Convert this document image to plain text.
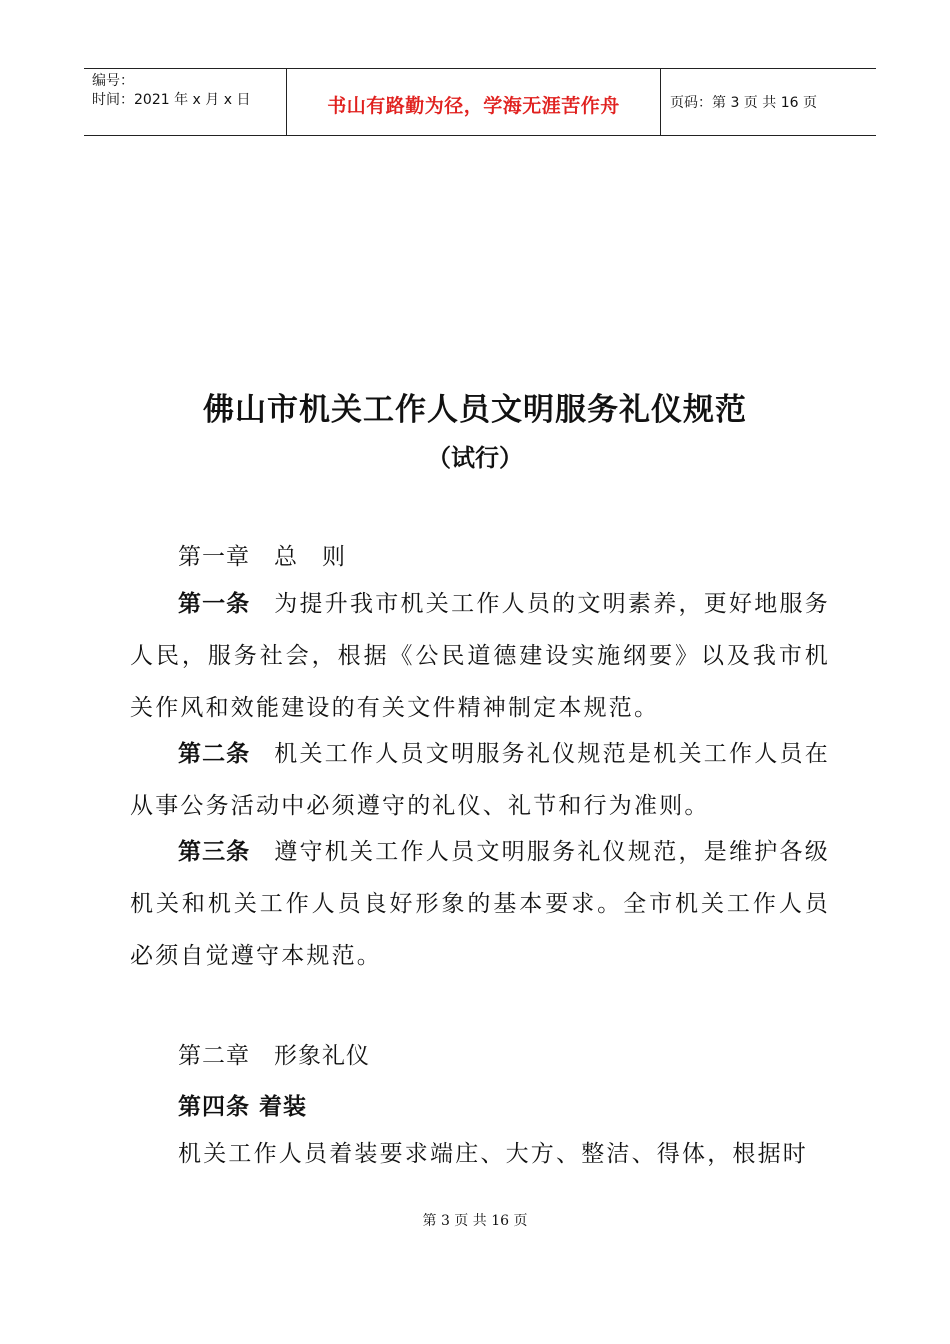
编号：
时间：2021 年 x 月 x 日	书山有路勤为径，学海无涯苦作舟	页码：第 3 页 共 16 页
佛山市机关工作人员文明服务礼仪规范
（试行）
第一章　总　则
第一条 为提升我市机关工作人员的文明素养，更好地服务人民，服务社会，根据《公民道德建设实施纲要》以及我市机关作风和效能建设的有关文件精神制定本规范。
第二条 机关工作人员文明服务礼仪规范是机关工作人员在从事公务活动中必须遵守的礼仪、礼节和行为准则。
第三条 遵守机关工作人员文明服务礼仪规范，是维护各级机关和机关工作人员良好形象的基本要求。全市机关工作人员必须自觉遵守本规范。
第二章　形象礼仪
第四条 着装
机关工作人员着装要求端庄、大方、整洁、得体，根据时
第 3 页 共 16 页
